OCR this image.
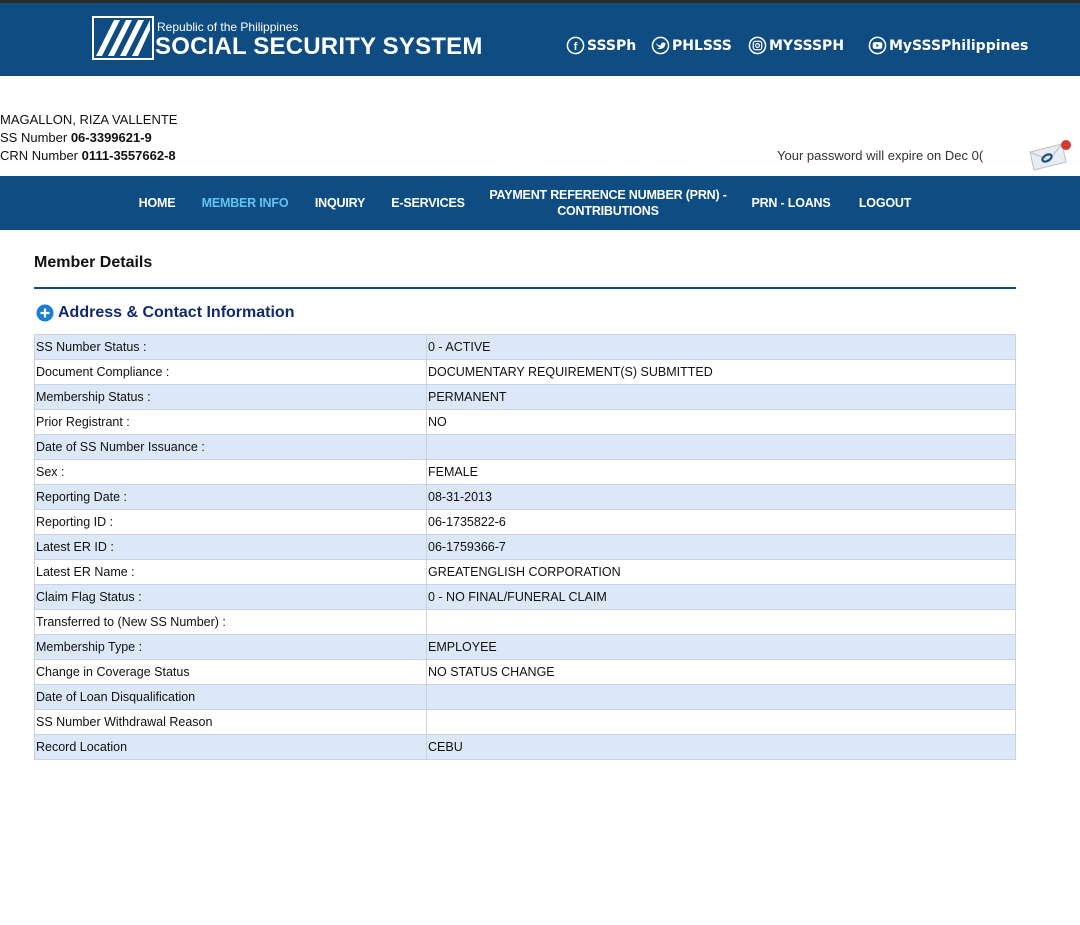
Republic of the Philippines
SOCIAL SECURITY SYSTEM	f SSSPh	PHLSSS	MYSSSPH	MySSSPhilippines
MAGALLON, RIZA VALLENTE
SS Number 06-3399621-9
CRN Number 0111-3557662-8	Your password will expire on Dec 0(
HOME	MEMBER INFO	INQUIRY	E-SERVICES
PAYMENT REFERENCE NUMBER (PRN) -
CONTRIBUTIONS
PRN - LOANS	LOGOUT
Member Details
Address & Contact Information
SS Number Status :	0 - ACTIVE
Document Compliance :	DOCUMENTARY REQUIREMENT(S) SUBMITTED
Membership Status :	PERMANENT
Prior Registrant :	NO
Date of SS Number Issuance :	
Sex :	FEMALE
Reporting Date :	08-31-2013
Reporting ID :	06-1735822-6
Latest ER ID :	06-1759366-7
Latest ER Name :	GREATENGLISH CORPORATION
Claim Flag Status :	0 - NO FINAL/FUNERAL CLAIM
Transferred to (New SS Number) :	
Membership Type :	EMPLOYEE
Change in Coverage Status	NO STATUS CHANGE
Date of Loan Disqualification	
SS Number Withdrawal Reason	
Record Location	CEBU
